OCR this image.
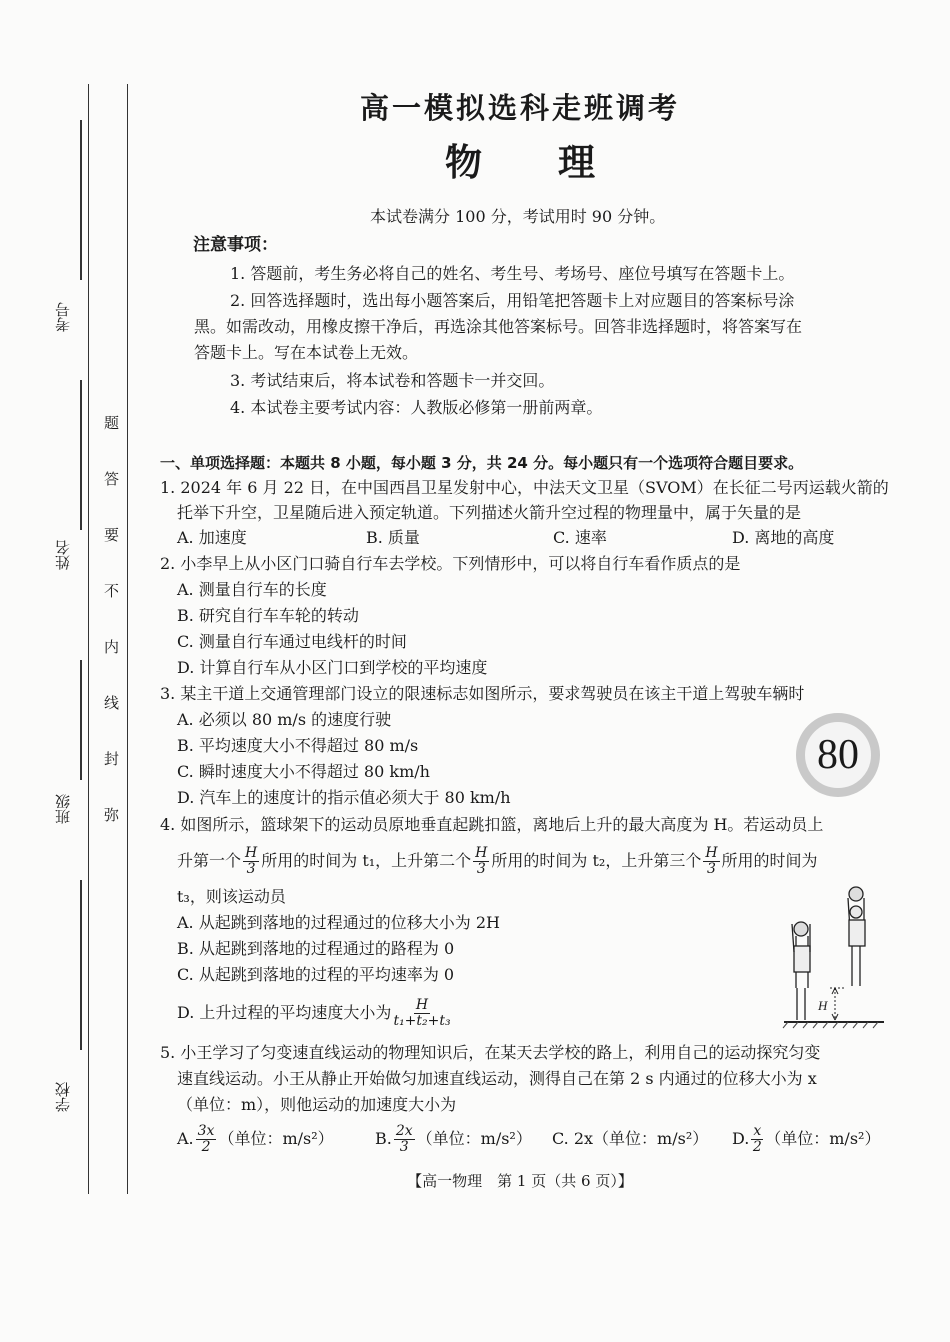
考号
姓名
班级
学校
题
答
要
不
内
线
封
弥
高一模拟选科走班调考
物 理
本试卷满分 100 分，考试用时 90 分钟。
注意事项：
1. 答题前，考生务必将自己的姓名、考生号、考场号、座位号填写在答题卡上。
2. 回答选择题时，选出每小题答案后，用铅笔把答题卡上对应题目的答案标号涂
黑。如需改动，用橡皮擦干净后，再选涂其他答案标号。回答非选择题时，将答案写在
答题卡上。写在本试卷上无效。
3. 考试结束后，将本试卷和答题卡一并交回。
4. 本试卷主要考试内容：人教版必修第一册前两章。
一、单项选择题：本题共 8 小题，每小题 3 分，共 24 分。每小题只有一个选项符合题目要求。
1. 2024 年 6 月 22 日，在中国西昌卫星发射中心，中法天文卫星（SVOM）在长征二号丙运载火箭的
托举下升空，卫星随后进入预定轨道。下列描述火箭升空过程的物理量中，属于矢量的是
A. 加速度	B. 质量	C. 速率	D. 离地的高度
2. 小李早上从小区门口骑自行车去学校。下列情形中，可以将自行车看作质点的是
A. 测量自行车的长度
B. 研究自行车车轮的转动
C. 测量自行车通过电线杆的时间
D. 计算自行车从小区门口到学校的平均速度
3. 某主干道上交通管理部门设立的限速标志如图所示，要求驾驶员在该主干道上驾驶车辆时
A. 必须以 80 m/s 的速度行驶
B. 平均速度大小不得超过 80 m/s
C. 瞬时速度大小不得超过 80 km/h
D. 汽车上的速度计的指示值必须大于 80 km/h
80
4. 如图所示，篮球架下的运动员原地垂直起跳扣篮，离地后上升的最大高度为 H。若运动员上
升第一个 $\frac{H}{3}$ 所用的时间为 t₁，上升第二个 $\frac{H}{3}$ 所用的时间为 t₂，上升第三个 $\frac{H}{3}$ 所用的时间为
t₃，则该运动员
A. 从起跳到落地的过程通过的位移大小为 2H
B. 从起跳到落地的过程通过的路程为 0
C. 从起跳到落地的过程的平均速率为 0
D. 上升过程的平均速度大小为 $\frac{H}{\text{t₁+t₂+t₃}}$	H
5. 小王学习了匀变速直线运动的物理知识后，在某天去学校的路上，利用自己的运动探究匀变
速直线运动。小王从静止开始做匀加速直线运动，测得自己在第 2 s 内通过的位移大小为 x
（单位：m），则他运动的加速度大小为
A. $\frac{3x}{2}$ （单位：m/s²）	B. $\frac{2x}{3}$ （单位：m/s²） C. 2x（单位：m/s²） D. $\frac{x}{2}$ （单位：m/s²）
【高一物理　第 1 页（共 6 页）】
